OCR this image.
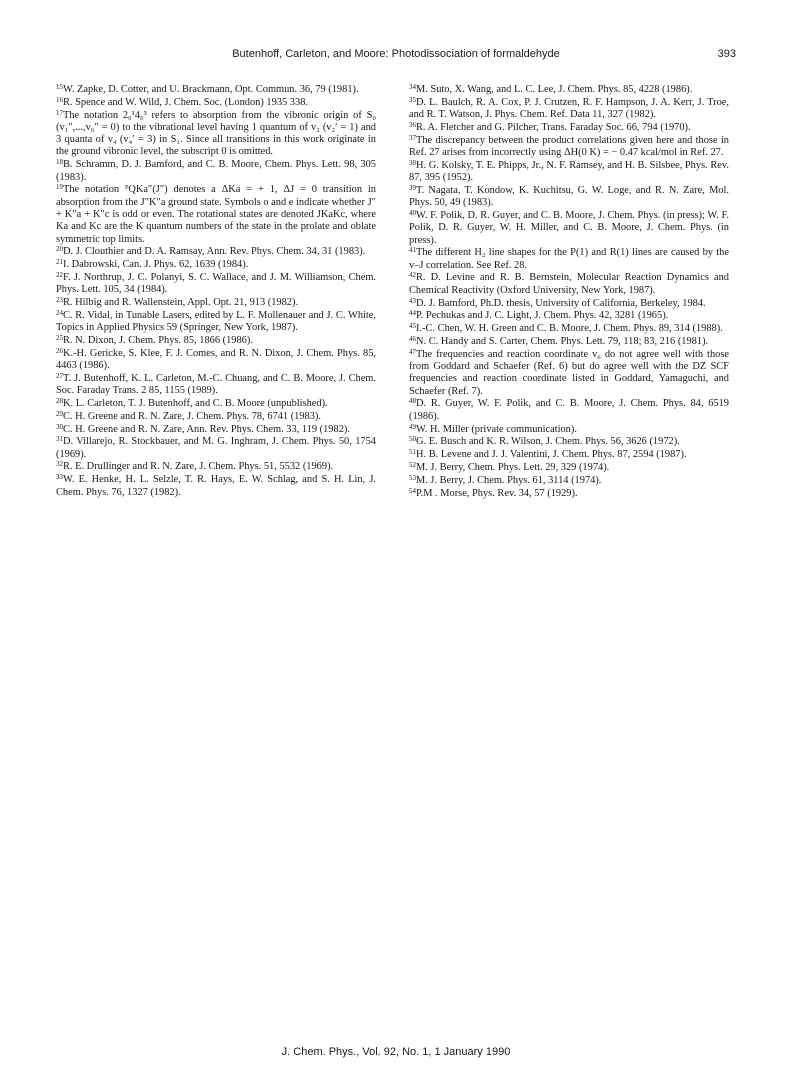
Butenhoff, Carleton, and Moore: Photodissociation of formaldehyde	393
$^{15}$W. Zapke, D. Cotter, and U. Brackmann, Opt. Commun. 36, 79 (1981).
$^{16}$R. Spence and W. Wild, J. Chem. Soc. (London) 1935 338.
$^{17}$The notation 2₀¹4₀³ refers to absorption from the vibronic origin of S₀ (v₁″,...,v₆″ = 0) to the vibrational level having 1 quantum of v₂ (v₂′ = 1) and 3 quanta of v₄ (v₄′ = 3) in S₁. Since all transitions in this work originate in the ground vibronic level, the subscript 0 is omitted.
$^{18}$B. Schramm, D. J. Bamford, and C. B. Moore, Chem. Phys. Lett. 98, 305 (1983).
$^{19}$The notation ᴾQKa″(J″) denotes a ΔKa = + 1, ΔJ = 0 transition in absorption from the J″K″a ground state. Symbols o and e indicate whether J″ + K″a + K″c is odd or even. The rotational states are denoted JKaKc, where Ka and Kc are the K quantum numbers of the state in the prolate and oblate symmetric top limits.
$^{20}$D. J. Clouthier and D. A. Ramsay, Ann. Rev. Phys. Chem. 34, 31 (1983).
$^{21}$I. Dabrowski, Can. J. Phys. 62, 1639 (1984).
$^{22}$F. J. Northrup, J. C. Polanyi, S. C. Wallace, and J. M. Williamson, Chem. Phys. Lett. 105, 34 (1984).
$^{23}$R. Hilbig and R. Wallenstein, Appl. Opt. 21, 913 (1982).
$^{24}$C. R. Vidal, in Tunable Lasers, edited by L. F. Mollenauer and J. C. White, Topics in Applied Physics 59 (Springer, New York, 1987).
$^{25}$R. N. Dixon, J. Chem. Phys. 85, 1866 (1986).
$^{26}$K.-H. Gericke, S. Klee, F. J. Comes, and R. N. Dixon, J. Chem. Phys. 85, 4463 (1986).
$^{27}$T. J. Butenhoff, K. L. Carleton, M.-C. Chuang, and C. B. Moore, J. Chem. Soc. Faraday Trans. 2 85, 1155 (1989).
$^{28}$K. L. Carleton, T. J. Butenhoff, and C. B. Moore (unpublished).
$^{29}$C. H. Greene and R. N. Zare, J. Chem. Phys. 78, 6741 (1983).
$^{30}$C. H. Greene and R. N. Zare, Ann. Rev. Phys. Chem. 33, 119 (1982).
$^{31}$D. Villarejo, R. Stockbauer, and M. G. Inghram, J. Chem. Phys. 50, 1754 (1969).
$^{32}$R. E. Drullinger and R. N. Zare, J. Chem. Phys. 51, 5532 (1969).
$^{33}$W. E. Henke, H. L. Selzle, T. R. Hays, E. W. Schlag, and S. H. Lin, J. Chem. Phys. 76, 1327 (1982).
$^{34}$M. Suto, X. Wang, and L. C. Lee, J. Chem. Phys. 85, 4228 (1986).
$^{35}$D. L. Baulch, R. A. Cox, P. J. Crutzen, R. F. Hampson, J. A. Kerr, J. Troe, and R. T. Watson, J. Phys. Chem. Ref. Data 11, 327 (1982).
$^{36}$R. A. Fletcher and G. Pilcher, Trans. Faraday Soc. 66, 794 (1970).
$^{37}$The discrepancy between the product correlations given here and those in Ref. 27 arises from incorrectly using ΔH(0 K) = − 0.47 kcal/mol in Ref. 27.
$^{38}$H. G. Kolsky, T. E. Phipps, Jr., N. F. Ramsey, and H. B. Silsbee, Phys. Rev. 87, 395 (1952).
$^{39}$T. Nagata, T. Kondow, K. Kuchitsu, G. W. Loge, and R. N. Zare, Mol. Phys. 50, 49 (1983).
$^{40}$W. F. Polik, D. R. Guyer, and C. B. Moore, J. Chem. Phys. (in press); W. F. Polik, D. R. Guyer, W. H. Miller, and C. B. Moore, J. Chem. Phys. (in press).
$^{41}$The different H₂ line shapes for the P(1) and R(1) lines are caused by the v–J correlation. See Ref. 28.
$^{42}$R. D. Levine and R. B. Bernstein, Molecular Reaction Dynamics and Chemical Reactivity (Oxford University, New York, 1987).
$^{43}$D. J. Bamford, Ph.D. thesis, University of California, Berkeley, 1984.
$^{44}$P. Pechukas and J. C. Light, J. Chem. Phys. 42, 3281 (1965).
$^{45}$I.-C. Chen, W. H. Green and C. B. Moore, J. Chem. Phys. 89, 314 (1988).
$^{46}$N. C. Handy and S. Carter, Chem. Phys. Lett. 79, 118; 83, 216 (1981).
$^{47}$The frequencies and reaction coordinate v₆ do not agree well with those from Goddard and Schaefer (Ref. 6) but do agree well with the DZ SCF frequencies and reaction coordinate listed in Goddard, Yamaguchi, and Schaefer (Ref. 7).
$^{48}$D. R. Guyer, W. F. Polik, and C. B. Moore, J. Chem. Phys. 84, 6519 (1986).
$^{49}$W. H. Miller (private communication).
$^{50}$G. E. Busch and K. R. Wilson, J. Chem. Phys. 56, 3626 (1972).
$^{51}$H. B. Levene and J. J. Valentini, J. Chem. Phys. 87, 2594 (1987).
$^{52}$M. J. Berry, Chem. Phys. Lett. 29, 329 (1974).
$^{53}$M. J. Berry, J. Chem. Phys. 61, 3114 (1974).
$^{54}$P.M . Morse, Phys. Rev. 34, 57 (1929).
J. Chem. Phys., Vol. 92, No. 1, 1 January 1990
